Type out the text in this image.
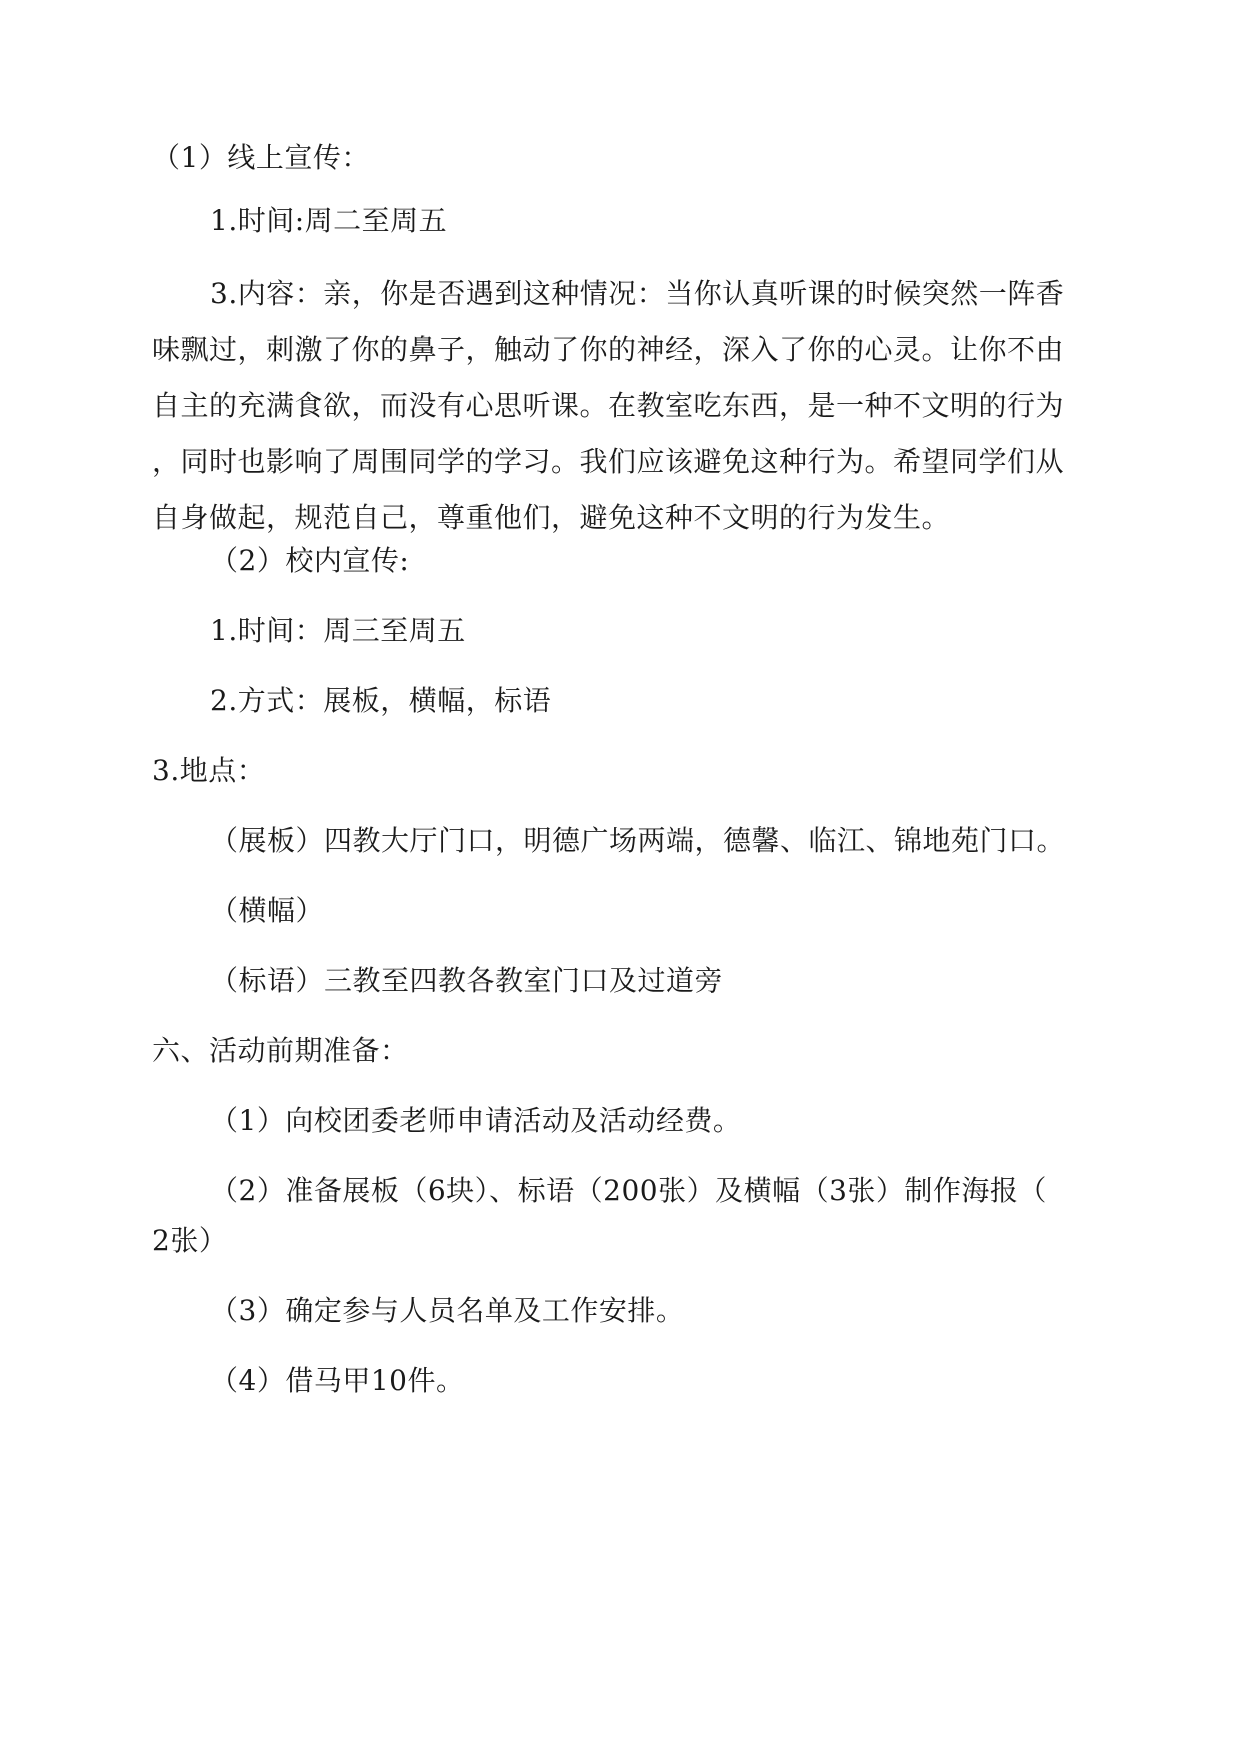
（1）线上宣传：
1.时间:周二至周五
3.内容：亲，你是否遇到这种情况：当你认真听课的时候突然一阵香
味飘过，刺激了你的鼻子，触动了你的神经，深入了你的心灵。让你不由
自主的充满食欲，而没有心思听课。在教室吃东西，是一种不文明的行为
，同时也影响了周围同学的学习。我们应该避免这种行为。希望同学们从
自身做起，规范自己，尊重他们，避免这种不文明的行为发生。
（2）校内宣传:
1.时间：周三至周五
2.方式：展板，横幅，标语
3.地点：
（展板）四教大厅门口，明德广场两端，德馨、临江、锦地苑门口。
（横幅）
（标语）三教至四教各教室门口及过道旁
六、活动前期准备：
（1）向校团委老师申请活动及活动经费。
（2）准备展板（6块）、标语（200张）及横幅（3张）制作海报（
2张）
（3）确定参与人员名单及工作安排。
（4）借马甲10件。
